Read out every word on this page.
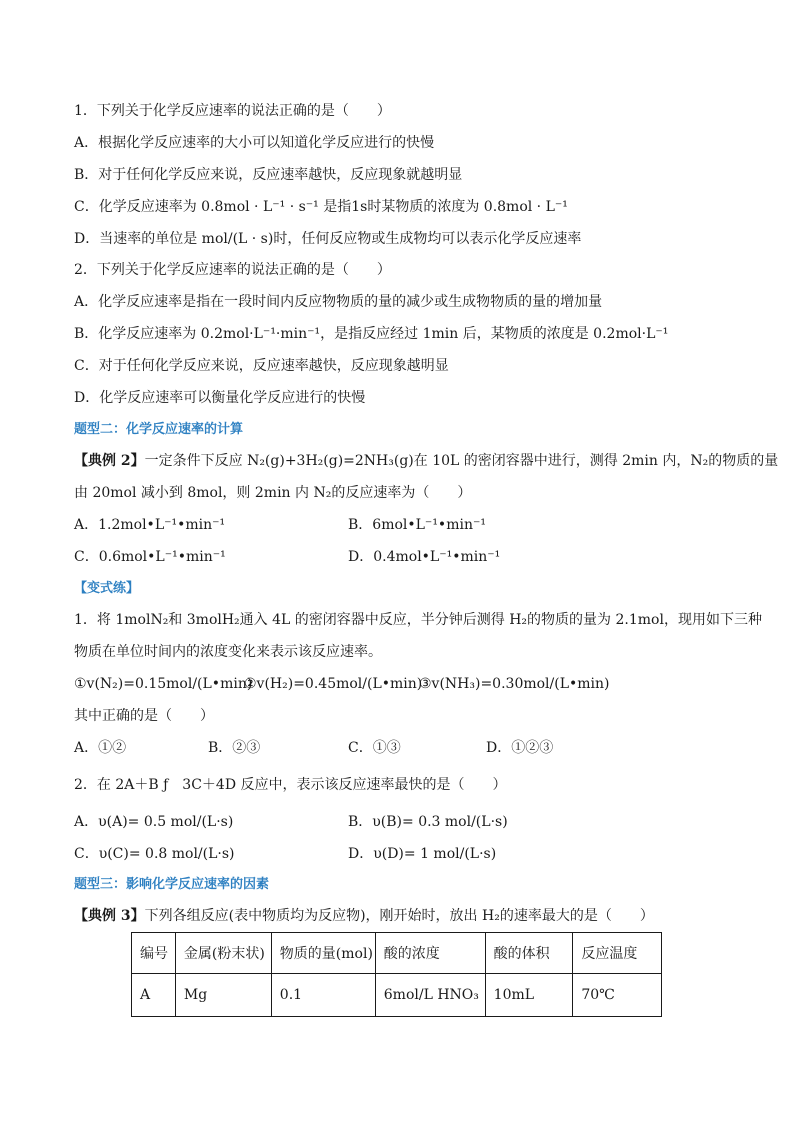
1．下列关于化学反应速率的说法正确的是（　　）
A．根据化学反应速率的大小可以知道化学反应进行的快慢
B．对于任何化学反应来说，反应速率越快，反应现象就越明显
C．化学反应速率为 0.8mol · L⁻¹ · s⁻¹ 是指1s时某物质的浓度为 0.8mol · L⁻¹
D．当速率的单位是 mol/(L · s)时，任何反应物或生成物均可以表示化学反应速率
2．下列关于化学反应速率的说法正确的是（　　）
A．化学反应速率是指在一段时间内反应物物质的量的减少或生成物物质的量的增加量
B．化学反应速率为 0.2mol·L⁻¹·min⁻¹，是指反应经过 1min 后，某物质的浓度是 0.2mol·L⁻¹
C．对于任何化学反应来说，反应速率越快，反应现象越明显
D．化学反应速率可以衡量化学反应进行的快慢
题型二：化学反应速率的计算
【典例 2】一定条件下反应 N₂(g)+3H₂(g)=2NH₃(g)在 10L 的密闭容器中进行，测得 2min 内，N₂的物质的量
由 20mol 减小到 8mol，则 2min 内 N₂的反应速率为（　　）
A．1.2mol•L⁻¹•min⁻¹	B．6mol•L⁻¹•min⁻¹
C．0.6mol•L⁻¹•min⁻¹	D．0.4mol•L⁻¹•min⁻¹
【变式练】
1．将 1molN₂和 3molH₂通入 4L 的密闭容器中反应，半分钟后测得 H₂的物质的量为 2.1mol，现用如下三种
物质在单位时间内的浓度变化来表示该反应速率。
①v(N₂)=0.15mol/(L•min)
②v(H₂)=0.45mol/(L•min)
③v(NH₃)=0.30mol/(L•min)
其中正确的是（　　）
A．①②	B．②③	C．①③	D．①②③
2．在 2A＋B ƒ　3C＋4D 反应中，表示该反应速率最快的是（　　）
A．υ(A)= 0.5 mol/(L·s)	B．υ(B)= 0.3 mol/(L·s)
C．υ(C)= 0.8 mol/(L·s)	D．υ(D)= 1 mol/(L·s)
题型三：影响化学反应速率的因素
【典例 3】下列各组反应(表中物质均为反应物)，刚开始时，放出 H₂的速率最大的是（　　）
编号	金属(粉末状)	物质的量(mol)	酸的浓度	酸的体积	反应温度
A	Mg	0.1	6mol/L HNO₃	10mL	70℃
